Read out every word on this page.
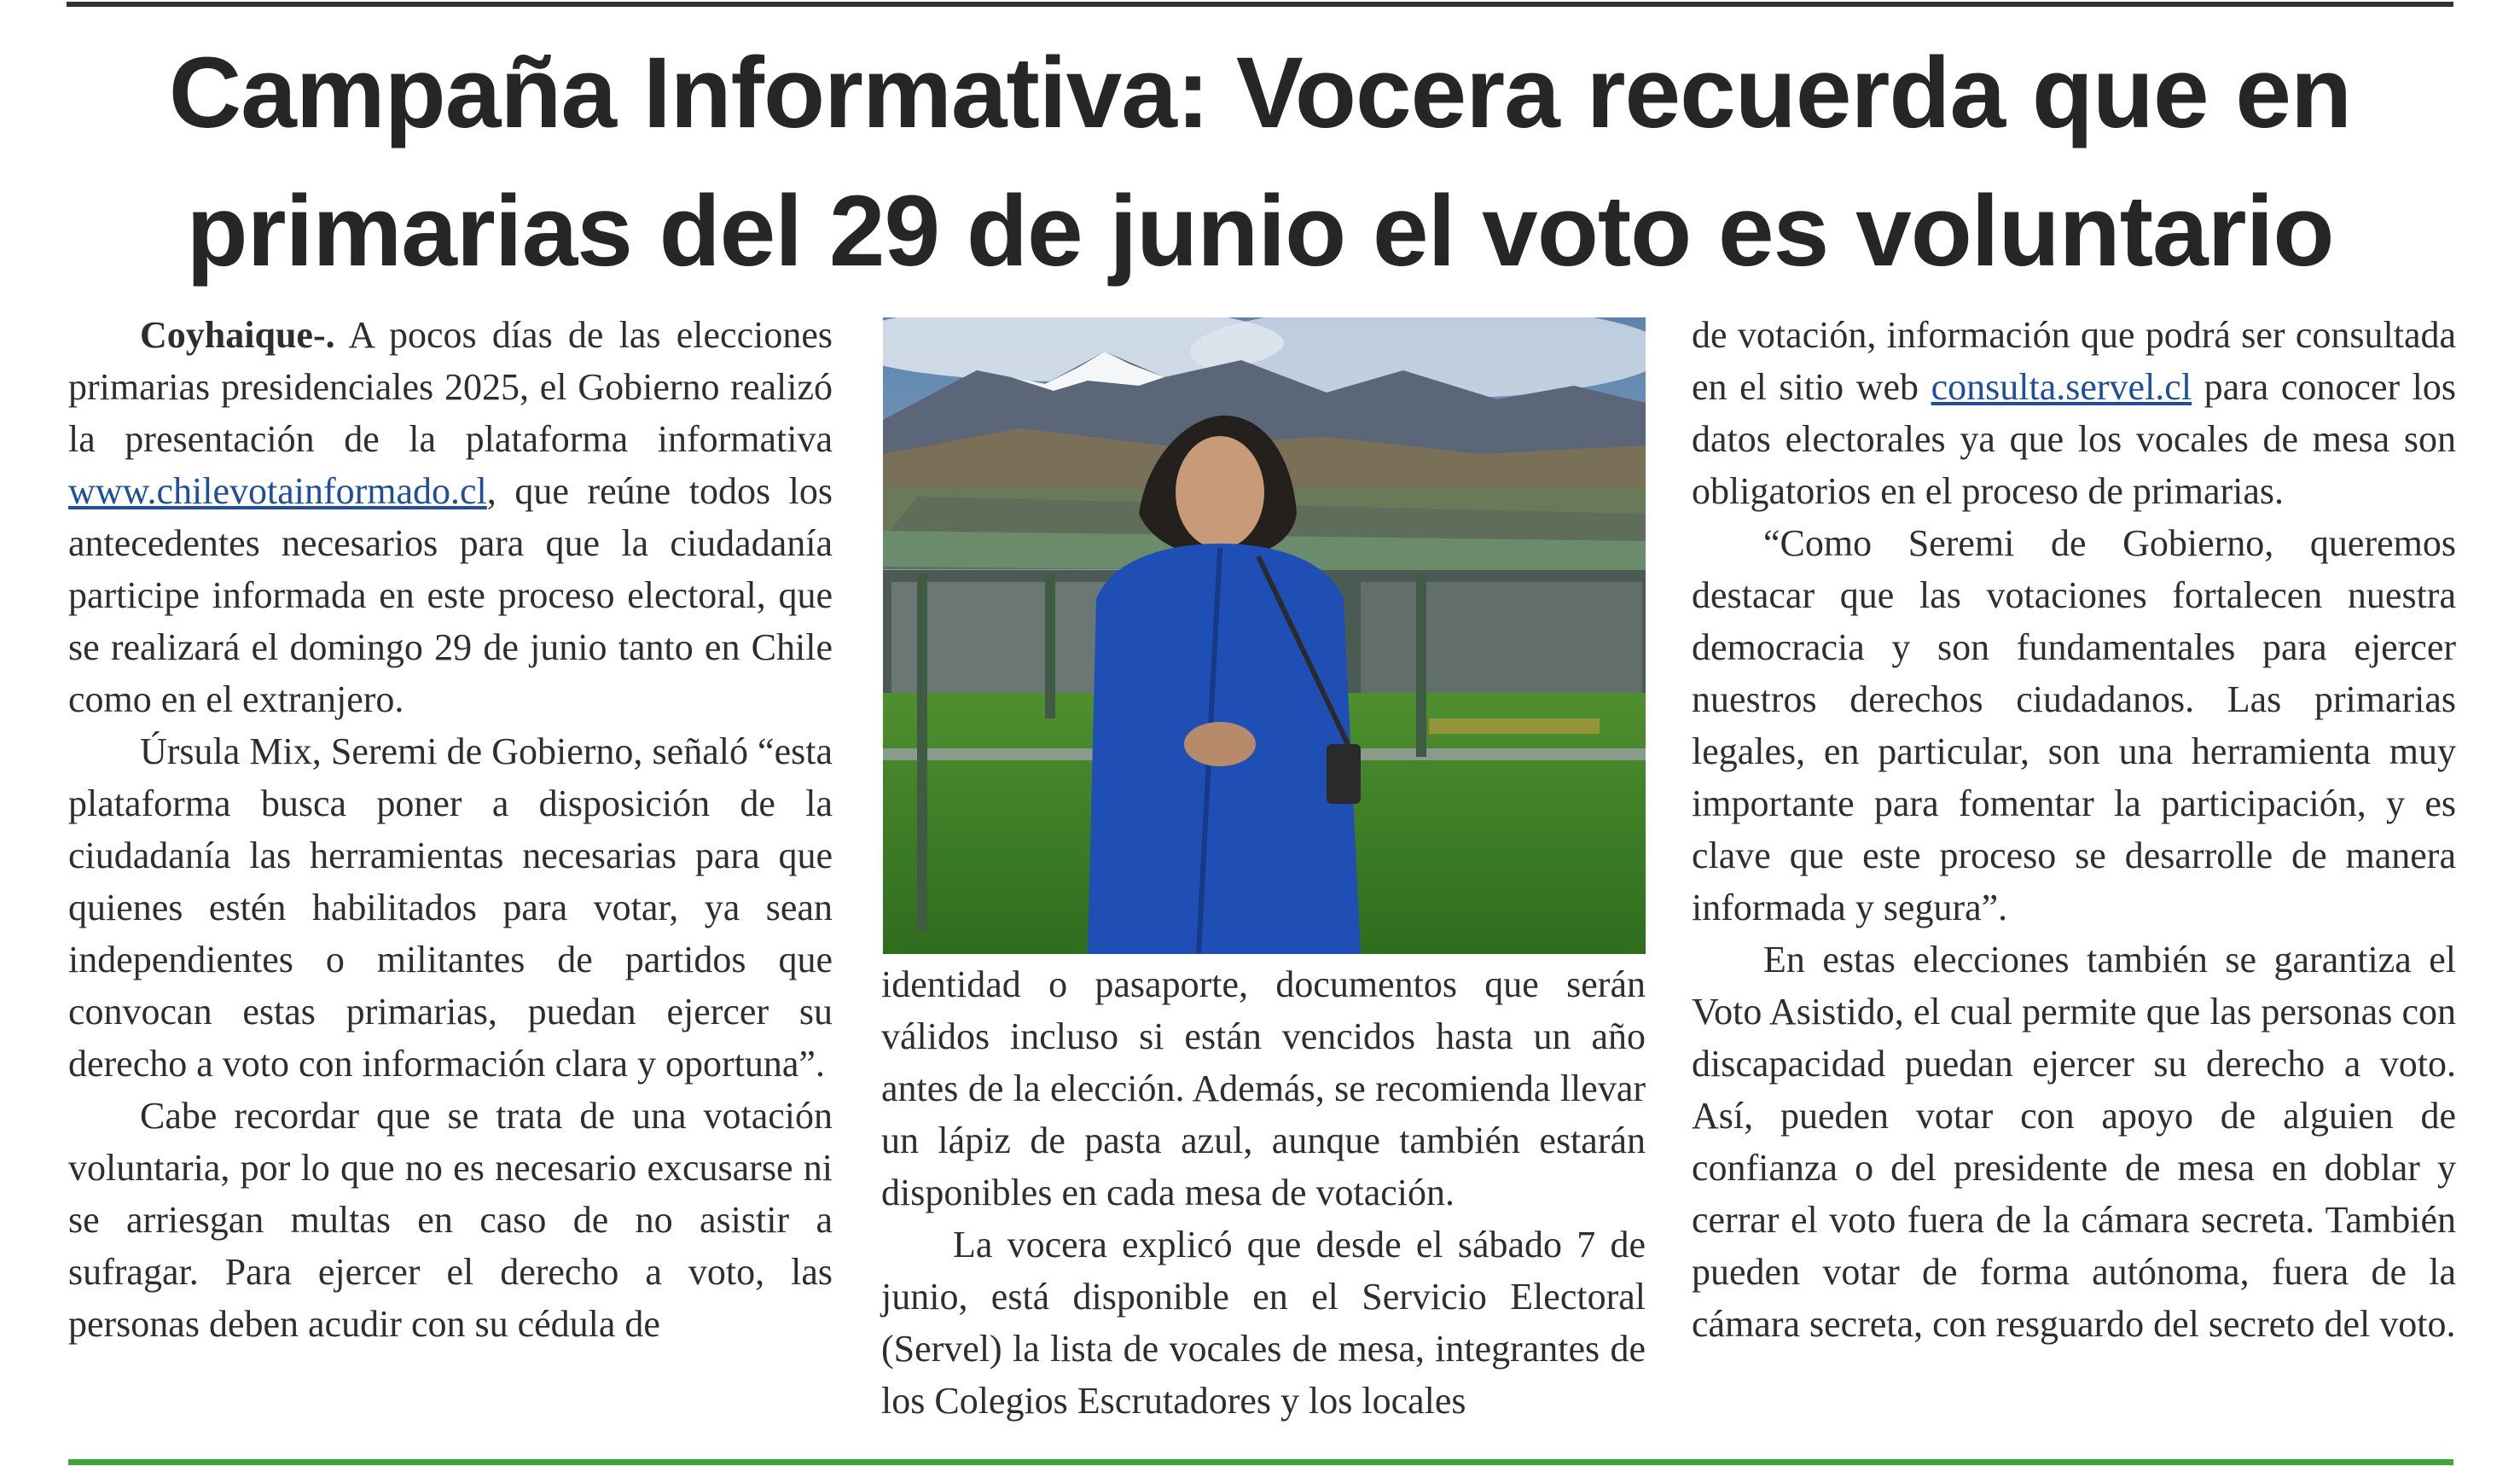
Campaña Informativa: Vocera recuerda que en primarias del 29 de junio el voto es voluntario

Coyhaique-. A pocos días de las elecciones primarias presidenciales 2025, el Gobierno realizó la presentación de la plataforma informativa www.chilevotainformado.cl, que reúne todos los antecedentes necesarios para que la ciudadanía participe informada en este proceso electoral, que se realizará el domingo 29 de junio tanto en Chile como en el extranjero.

Úrsula Mix, Seremi de Gobierno, señaló “esta plataforma busca poner a disposición de la ciudadanía las herramientas necesarias para que quienes estén habilitados para votar, ya sean independientes o militantes de partidos que convocan estas primarias, puedan ejercer su derecho a voto con información clara y oportuna”.

Cabe recordar que se trata de una votación voluntaria, por lo que no es necesario excusarse ni se arriesgan multas en caso de no asistir a sufragar. Para ejercer el derecho a voto, las personas deben acudir con su cédula de

identidad o pasaporte, documentos que serán válidos incluso si están vencidos hasta un año antes de la elección. Además, se recomienda llevar un lápiz de pasta azul, aunque también estarán disponibles en cada mesa de votación.

La vocera explicó que desde el sábado 7 de junio, está disponible en el Servicio Electoral (Servel) la lista de vocales de mesa, integrantes de los Colegios Escrutadores y los locales

de votación, información que podrá ser consultada en el sitio web consulta.servel.cl para conocer los datos electorales ya que los vocales de mesa son obligatorios en el proceso de primarias.

“Como Seremi de Gobierno, queremos destacar que las votaciones fortalecen nuestra democracia y son fundamentales para ejercer nuestros derechos ciudadanos. Las primarias legales, en particular, son una herramienta muy importante para fomentar la participación, y es clave que este proceso se desarrolle de manera informada y segura”.

En estas elecciones también se garantiza el Voto Asistido, el cual permite que las personas con discapacidad puedan ejercer su derecho a voto. Así, pueden votar con apoyo de alguien de confianza o del presidente de mesa en doblar y cerrar el voto fuera de la cámara secreta. También pueden votar de forma autónoma, fuera de la cámara secreta, con resguardo del secreto del voto.
